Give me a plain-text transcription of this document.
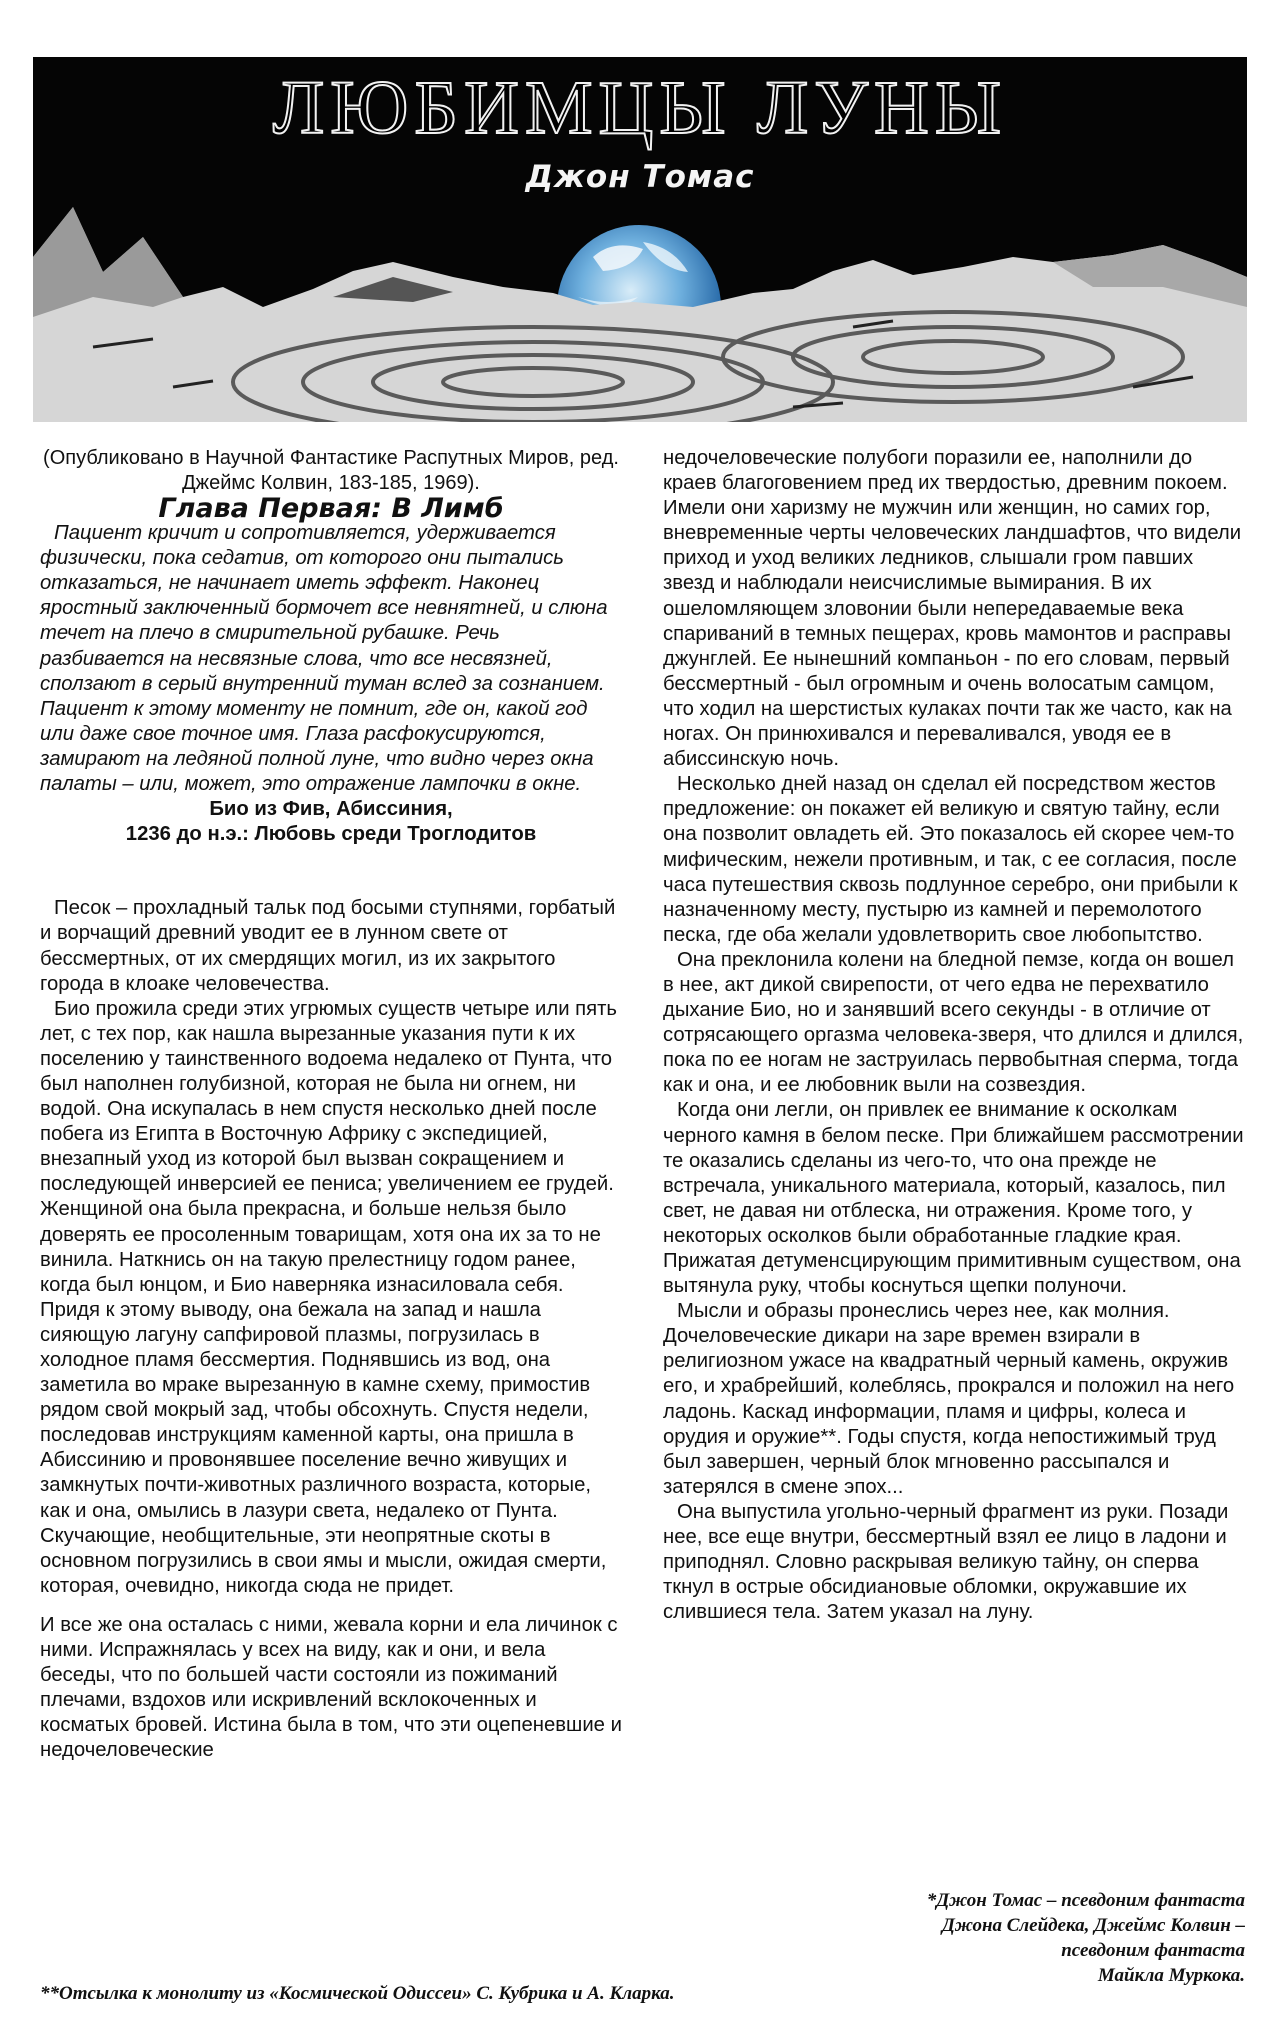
ЛЮБИМЦЫ ЛУНЫ
Джон Томас

(Опубликовано в Научной Фантастике Распутных Миров, ред. Джеймс Колвин, 183-185, 1969).

Глава Первая: В Лимб

Пациент кричит и сопротивляется, удерживается физически, пока седатив, от которого они пытались отказаться, не начинает иметь эффект. Наконец яростный заключенный бормочет все невнятней, и слюна течет на плечо в смирительной рубашке. Речь разбивается на несвязные слова, что все несвязней, сползают в серый внутренний туман вслед за сознанием. Пациент к этому моменту не помнит, где он, какой год или даже свое точное имя. Глаза расфокусируются, замирают на ледяной полной луне, что видно через окна палаты – или, может, это отражение лампочки в окне.

Био из Фив, Абиссиния,

1236 до н.э.: Любовь среди Троглодитов

Песок – прохладный тальк под босыми ступнями, горбатый и ворчащий древний уводит ее в лунном свете от бессмертных, от их смердящих могил, из их закрытого города в клоаке человечества.

Био прожила среди этих угрюмых существ четыре или пять лет, с тех пор, как нашла вырезанные указания пути к их поселению у таинственного водоема недалеко от Пунта, что был наполнен голубизной, которая не была ни огнем, ни водой. Она искупалась в нем спустя несколько дней после побега из Египта в Восточную Африку с экспедицией, внезапный уход из которой был вызван сокращением и последующей инверсией ее пениса; увеличением ее грудей. Женщиной она была прекрасна, и больше нельзя было доверять ее просоленным товарищам, хотя она их за то не винила. Наткнись он на такую прелестницу годом ранее, когда был юнцом, и Био наверняка изнасиловала себя. Придя к этому выводу, она бежала на запад и нашла сияющую лагуну сапфировой плазмы, погрузилась в холодное пламя бессмертия. Поднявшись из вод, она заметила во мраке вырезанную в камне схему, примостив рядом свой мокрый зад, чтобы обсохнуть. Спустя недели, последовав инструкциям каменной карты, она пришла в Абиссинию и провонявшее поселение вечно живущих и замкнутых почти-животных различного возраста, которые, как и она, омылись в лазури света, недалеко от Пунта. Скучающие, необщительные, эти неопрятные скоты в основном погрузились в свои ямы и мысли, ожидая смерти, которая, очевидно, никогда сюда не придет.

И все же она осталась с ними, жевала корни и ела личинок с ними. Испражнялась у всех на виду, как и они, и вела беседы, что по большей части состояли из пожиманий плечами, вздохов или искривлений всклокоченных и косматых бровей. Истина была в том, что эти оцепеневшие и недочеловеческие

недочеловеческие полубоги поразили ее, наполнили до краев благоговением пред их твердостью, древним покоем. Имели они харизму не мужчин или женщин, но самих гор, вневременные черты человеческих ландшафтов, что видели приход и уход великих ледников, слышали гром павших звезд и наблюдали неисчислимые вымирания. В их ошеломляющем зловонии были непередаваемые века спариваний в темных пещерах, кровь мамонтов и расправы джунглей. Ее нынешний компаньон - по его словам, первый бессмертный - был огромным и очень волосатым самцом, что ходил на шерстистых кулаках почти так же часто, как на ногах. Он принюхивался и переваливался, уводя ее в абиссинскую ночь.

Несколько дней назад он сделал ей посредством жестов предложение: он покажет ей великую и святую тайну, если она позволит овладеть ей. Это показалось ей скорее чем-то мифическим, нежели противным, и так, с ее согласия, после часа путешествия сквозь подлунное серебро, они прибыли к назначенному месту, пустырю из камней и перемолотого песка, где оба желали удовлетворить свое любопытство.

Она преклонила колени на бледной пемзе, когда он вошел в нее, акт дикой свирепости, от чего едва не перехватило дыхание Био, но и занявший всего секунды - в отличие от сотрясающего оргазма человека-зверя, что длился и длился, пока по ее ногам не заструилась первобытная сперма, тогда как и она, и ее любовник выли на созвездия.

Когда они легли, он привлек ее внимание к осколкам черного камня в белом песке. При ближайшем рассмотрении те оказались сделаны из чего-то, что она прежде не встречала, уникального материала, который, казалось, пил свет, не давая ни отблеска, ни отражения. Кроме того, у некоторых осколков были обработанные гладкие края. Прижатая детуменсцирующим примитивным существом, она вытянула руку, чтобы коснуться щепки полуночи.

Мысли и образы пронеслись через нее, как молния. Дочеловеческие дикари на заре времен взирали в религиозном ужасе на квадратный черный камень, окружив его, и храбрейший, колеблясь, прокрался и положил на него ладонь. Каскад информации, пламя и цифры, колеса и орудия и оружие**. Годы спустя, когда непостижимый труд был завершен, черный блок мгновенно рассыпался и затерялся в смене эпох...

Она выпустила угольно-черный фрагмент из руки. Позади нее, все еще внутри, бессмертный взял ее лицо в ладони и приподнял. Словно раскрывая великую тайну, он сперва ткнул в острые обсидиановые обломки, окружавшие их слившиеся тела. Затем указал на луну.

*Джон Томас – псевдоним фантаста
Джона Слейдека, Джеймс Колвин –
псевдоним фантаста
Майкла Муркока.
**Отсылка к монолиту из «Космической Одиссеи» С. Кубрика и А. Кларка.
